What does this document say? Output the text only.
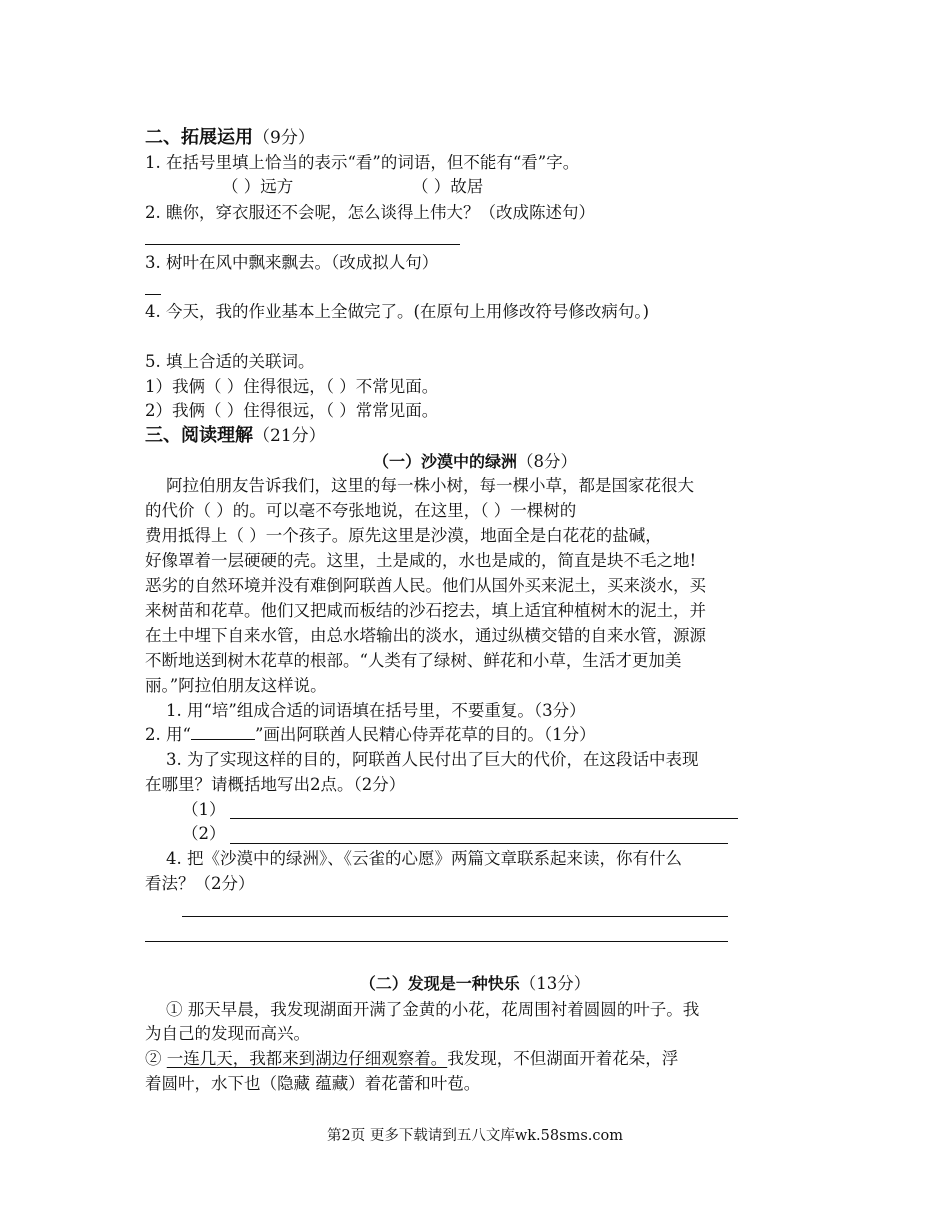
二、拓展运用（9分）
1. 在括号里填上恰当的表示“看”的词语，但不能有“看”字。
（ ）远方	（ ）故居
2. 瞧你，穿衣服还不会呢，怎么谈得上伟大？（改成陈述句）
3. 树叶在风中飘来飘去。（改成拟人句）
4. 今天，我的作业基本上全做完了。(在原句上用修改符号修改病句。)
5. 填上合适的关联词。
1）我俩（ ）住得很远，（ ）不常见面。
2）我俩（ ）住得很远，（ ）常常见面。
三、阅读理解（21分）
（一）沙漠中的绿洲（8分）
阿拉伯朋友告诉我们，这里的每一株小树，每一棵小草，都是国家花很大
的代价（ ）的。可以毫不夸张地说，在这里，（ ）一棵树的
费用抵得上（ ）一个孩子。原先这里是沙漠，地面全是白花花的盐碱，
好像罩着一层硬硬的壳。这里，土是咸的，水也是咸的，简直是块不毛之地!
恶劣的自然环境并没有难倒阿联酋人民。他们从国外买来泥土，买来淡水，买
来树苗和花草。他们又把咸而板结的沙石挖去，填上适宜种植树木的泥土，并
在土中埋下自来水管，由总水塔输出的淡水，通过纵横交错的自来水管，源源
不断地送到树木花草的根部。“人类有了绿树、鲜花和小草，生活才更加美
丽。”阿拉伯朋友这样说。
1. 用“培”组成合适的词语填在括号里，不要重复。（3分）
2. 用“	”画出阿联酋人民精心侍弄花草的目的。（1分）
3. 为了实现这样的目的，阿联酋人民付出了巨大的代价，在这段话中表现
在哪里？请概括地写出2点。（2分）
（1）
（2）
4. 把《沙漠中的绿洲》、《云雀的心愿》两篇文章联系起来读，你有什么
看法？（2分）
（二）发现是一种快乐（13分）
① 那天早晨，我发现湖面开满了金黄的小花，花周围衬着圆圆的叶子。我
为自己的发现而高兴。
② 一连几天，我都来到湖边仔细观察着。我发现，不但湖面开着花朵，浮
着圆叶，水下也（隐藏 蕴藏）着花蕾和叶苞。
第2页 更多下载请到五八文库wk.58sms.com
